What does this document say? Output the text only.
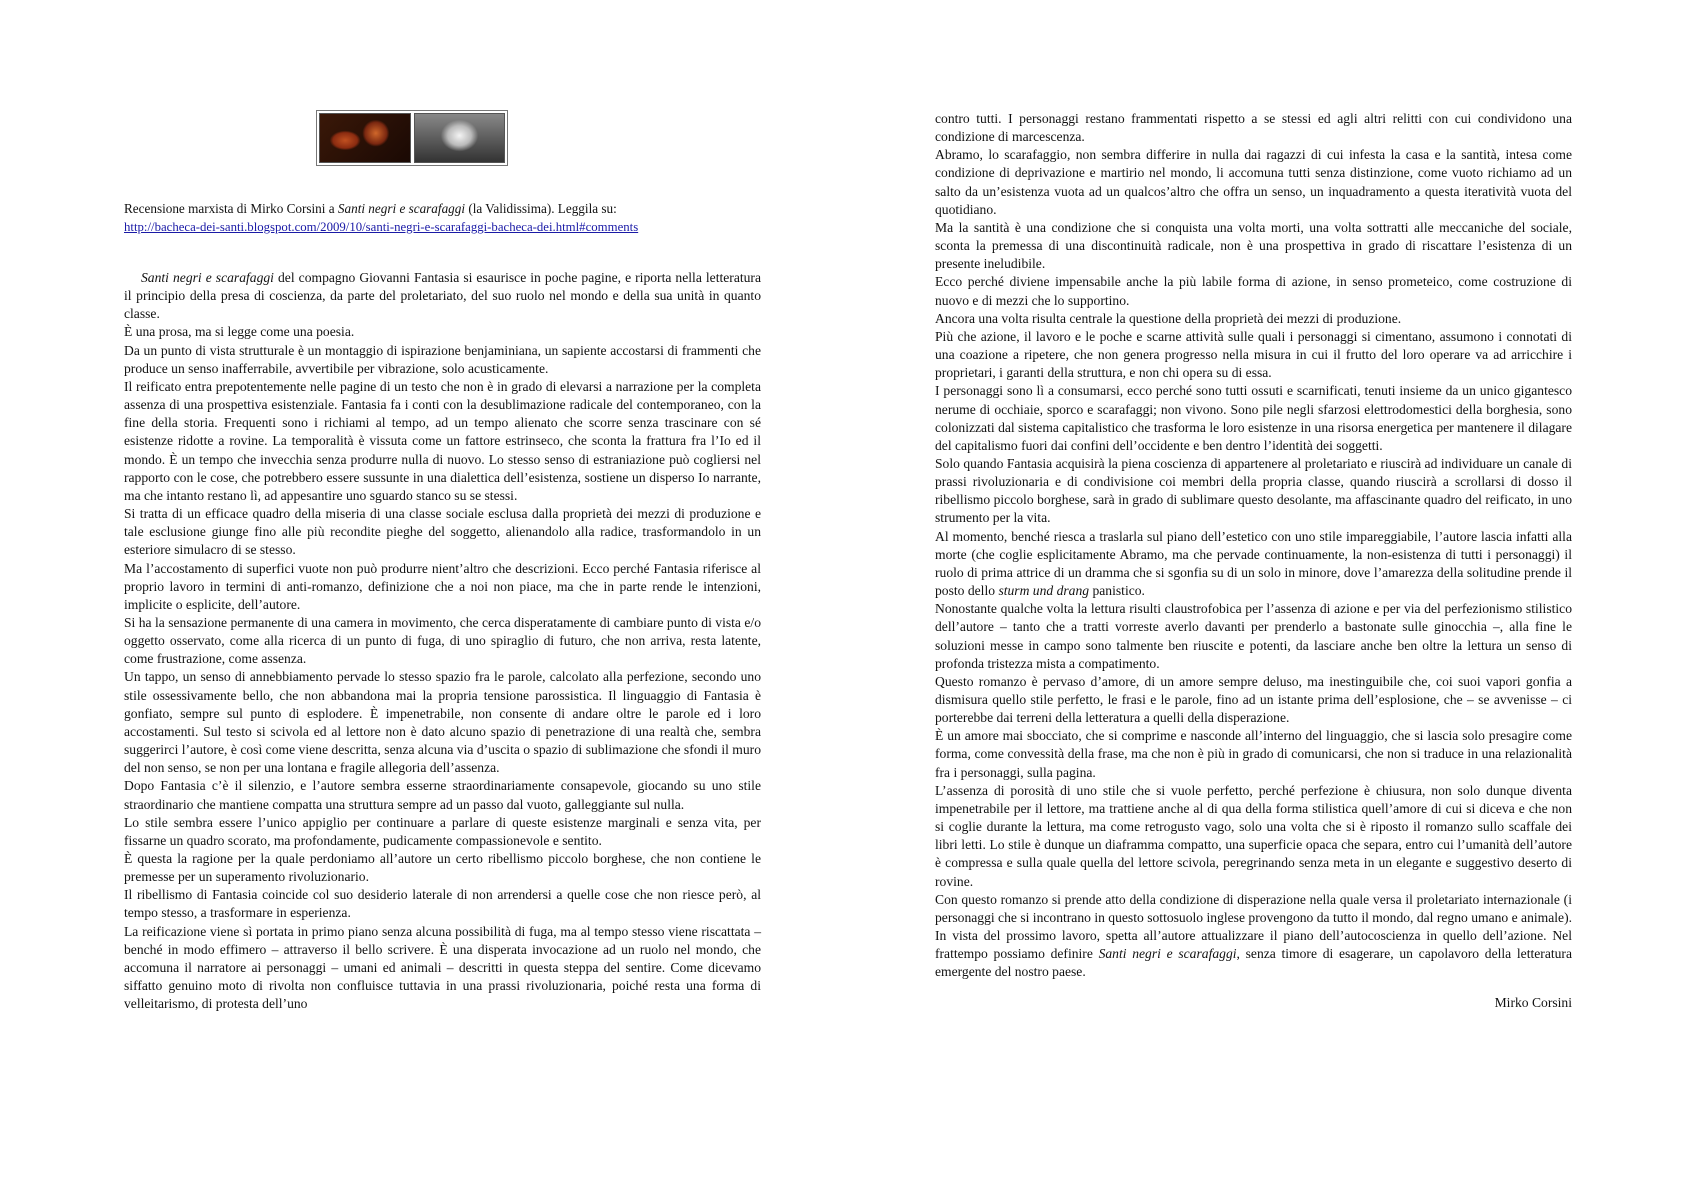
Recensione marxista di Mirko Corsini a Santi negri e scarafaggi (la Validissima). Leggila su:
http://bacheca-dei-santi.blogspot.com/2009/10/santi-negri-e-scarafaggi-bacheca-dei.html#comments

Santi negri e scarafaggi del compagno Giovanni Fantasia si esaurisce in poche pagine, e riporta nella letteratura il principio della presa di coscienza, da parte del proletariato, del suo ruolo nel mondo e della sua unità in quanto classe.

È una prosa, ma si legge come una poesia.

Da un punto di vista strutturale è un montaggio di ispirazione benjaminiana, un sapiente accostarsi di frammenti che produce un senso inafferrabile, avvertibile per vibrazione, solo acusticamente.

Il reificato entra prepotentemente nelle pagine di un testo che non è in grado di elevarsi a narrazione per la completa assenza di una prospettiva esistenziale. Fantasia fa i conti con la desublimazione radicale del contemporaneo, con la fine della storia. Frequenti sono i richiami al tempo, ad un tempo alienato che scorre senza trascinare con sé esistenze ridotte a rovine. La temporalità è vissuta come un fattore estrinseco, che sconta la frattura fra l’Io ed il mondo. È un tempo che invecchia senza produrre nulla di nuovo. Lo stesso senso di estraniazione può cogliersi nel rapporto con le cose, che potrebbero essere sussunte in una dialettica dell’esistenza, sostiene un disperso Io narrante, ma che intanto restano lì, ad appesantire uno sguardo stanco su se stessi.

Si tratta di un efficace quadro della miseria di una classe sociale esclusa dalla proprietà dei mezzi di produzione e tale esclusione giunge fino alle più recondite pieghe del soggetto, alienandolo alla radice, trasformandolo in un esteriore simulacro di se stesso.

Ma l’accostamento di superfici vuote non può produrre nient’altro che descrizioni. Ecco perché Fantasia riferisce al proprio lavoro in termini di anti-romanzo, definizione che a noi non piace, ma che in parte rende le intenzioni, implicite o esplicite, dell’autore.

Si ha la sensazione permanente di una camera in movimento, che cerca disperatamente di cambiare punto di vista e/o oggetto osservato, come alla ricerca di un punto di fuga, di uno spiraglio di futuro, che non arriva, resta latente, come frustrazione, come assenza.

Un tappo, un senso di annebbiamento pervade lo stesso spazio fra le parole, calcolato alla perfezione, secondo uno stile ossessivamente bello, che non abbandona mai la propria tensione parossistica. Il linguaggio di Fantasia è gonfiato, sempre sul punto di esplodere. È impenetrabile, non consente di andare oltre le parole ed i loro accostamenti. Sul testo si scivola ed al lettore non è dato alcuno spazio di penetrazione di una realtà che, sembra suggerirci l’autore, è così come viene descritta, senza alcuna via d’uscita o spazio di sublimazione che sfondi il muro del non senso, se non per una lontana e fragile allegoria dell’assenza.

Dopo Fantasia c’è il silenzio, e l’autore sembra esserne straordinariamente consapevole, giocando su uno stile straordinario che mantiene compatta una struttura sempre ad un passo dal vuoto, galleggiante sul nulla.

Lo stile sembra essere l’unico appiglio per continuare a parlare di queste esistenze marginali e senza vita, per fissarne un quadro scorato, ma profondamente, pudicamente compassionevole e sentito.

È questa la ragione per la quale perdoniamo all’autore un certo ribellismo piccolo borghese, che non contiene le premesse per un superamento rivoluzionario.

Il ribellismo di Fantasia coincide col suo desiderio laterale di non arrendersi a quelle cose che non riesce però, al tempo stesso, a trasformare in esperienza.

La reificazione viene sì portata in primo piano senza alcuna possibilità di fuga, ma al tempo stesso viene riscattata – benché in modo effimero – attraverso il bello scrivere. È una disperata invocazione ad un ruolo nel mondo, che accomuna il narratore ai personaggi – umani ed animali – descritti in questa steppa del sentire. Come dicevamo siffatto genuino moto di rivolta non confluisce tuttavia in una prassi rivoluzionaria, poiché resta una forma di velleitarismo, di protesta dell’uno

contro tutti. I personaggi restano frammentati rispetto a se stessi ed agli altri relitti con cui condividono una condizione di marcescenza.

Abramo, lo scarafaggio, non sembra differire in nulla dai ragazzi di cui infesta la casa e la santità, intesa come condizione di deprivazione e martirio nel mondo, li accomuna tutti senza distinzione, come vuoto richiamo ad un salto da un’esistenza vuota ad un qualcos’altro che offra un senso, un inquadramento a questa iteratività vuota del quotidiano.

Ma la santità è una condizione che si conquista una volta morti, una volta sottratti alle meccaniche del sociale, sconta la premessa di una discontinuità radicale, non è una prospettiva in grado di riscattare l’esistenza di un presente ineludibile.

Ecco perché diviene impensabile anche la più labile forma di azione, in senso prometeico, come costruzione di nuovo e di mezzi che lo supportino.

Ancora una volta risulta centrale la questione della proprietà dei mezzi di produzione.

Più che azione, il lavoro e le poche e scarne attività sulle quali i personaggi si cimentano, assumono i connotati di una coazione a ripetere, che non genera progresso nella misura in cui il frutto del loro operare va ad arricchire i proprietari, i garanti della struttura, e non chi opera su di essa.

I personaggi sono lì a consumarsi, ecco perché sono tutti ossuti e scarnificati, tenuti insieme da un unico gigantesco nerume di occhiaie, sporco e scarafaggi; non vivono. Sono pile negli sfarzosi elettrodomestici della borghesia, sono colonizzati dal sistema capitalistico che trasforma le loro esistenze in una risorsa energetica per mantenere il dilagare del capitalismo fuori dai confini dell’occidente e ben dentro l’identità dei soggetti.

Solo quando Fantasia acquisirà la piena coscienza di appartenere al proletariato e riuscirà ad individuare un canale di prassi rivoluzionaria e di condivisione coi membri della propria classe, quando riuscirà a scrollarsi di dosso il ribellismo piccolo borghese, sarà in grado di sublimare questo desolante, ma affascinante quadro del reificato, in uno strumento per la vita.

Al momento, benché riesca a traslarla sul piano dell’estetico con uno stile impareggiabile, l’autore lascia infatti alla morte (che coglie esplicitamente Abramo, ma che pervade continuamente, la non-esistenza di tutti i personaggi) il ruolo di prima attrice di un dramma che si sgonfia su di un solo in minore, dove l’amarezza della solitudine prende il posto dello sturm und drang panistico.

Nonostante qualche volta la lettura risulti claustrofobica per l’assenza di azione e per via del perfezionismo stilistico dell’autore – tanto che a tratti vorreste averlo davanti per prenderlo a bastonate sulle ginocchia –, alla fine le soluzioni messe in campo sono talmente ben riuscite e potenti, da lasciare anche ben oltre la lettura un senso di profonda tristezza mista a compatimento.

Questo romanzo è pervaso d’amore, di un amore sempre deluso, ma inestinguibile che, coi suoi vapori gonfia a dismisura quello stile perfetto, le frasi e le parole, fino ad un istante prima dell’esplosione, che – se avvenisse – ci porterebbe dai terreni della letteratura a quelli della disperazione.

È un amore mai sbocciato, che si comprime e nasconde all’interno del linguaggio, che si lascia solo presagire come forma, come convessità della frase, ma che non è più in grado di comunicarsi, che non si traduce in una relazionalità fra i personaggi, sulla pagina.

L’assenza di porosità di uno stile che si vuole perfetto, perché perfezione è chiusura, non solo dunque diventa impenetrabile per il lettore, ma trattiene anche al di qua della forma stilistica quell’amore di cui si diceva e che non si coglie durante la lettura, ma come retrogusto vago, solo una volta che si è riposto il romanzo sullo scaffale dei libri letti. Lo stile è dunque un diaframma compatto, una superficie opaca che separa, entro cui l’umanità dell’autore è compressa e sulla quale quella del lettore scivola, peregrinando senza meta in un elegante e suggestivo deserto di rovine.

Con questo romanzo si prende atto della condizione di disperazione nella quale versa il proletariato internazionale (i personaggi che si incontrano in questo sottosuolo inglese provengono da tutto il mondo, dal regno umano e animale). In vista del prossimo lavoro, spetta all’autore attualizzare il piano dell’autocoscienza in quello dell’azione. Nel frattempo possiamo definire Santi negri e scarafaggi, senza timore di esagerare, un capolavoro della letteratura emergente del nostro paese.

Mirko Corsini
